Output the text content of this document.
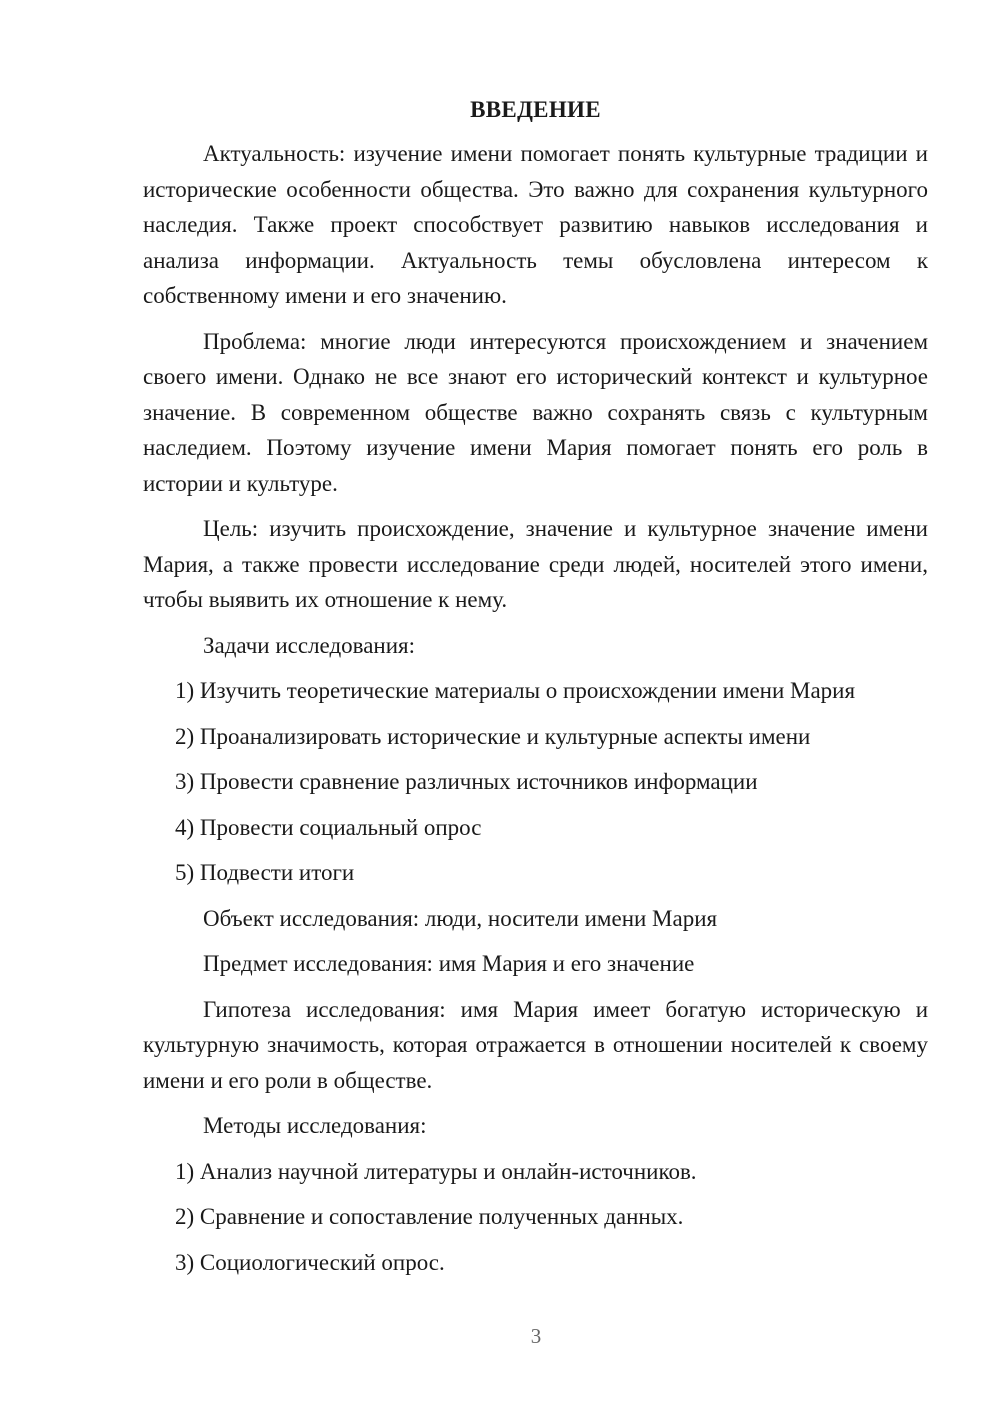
ВВЕДЕНИЕ

Актуальность: изучение имени помогает понять культурные традиции и исторические особенности общества. Это важно для сохранения культурного наследия. Также проект способствует развитию навыков исследования и анализа информации. Актуальность темы обусловлена интересом к собственному имени и его значению.

Проблема: многие люди интересуются происхождением и значением своего имени. Однако не все знают его исторический контекст и культурное значение. В современном обществе важно сохранять связь с культурным наследием. Поэтому изучение имени Мария помогает понять его роль в истории и культуре.

Цель: изучить происхождение, значение и культурное значение имени Мария, а также провести исследование среди людей, носителей этого имени, чтобы выявить их отношение к нему.

Задачи исследования:

1) Изучить теоретические материалы о происхождении имени Мария

2) Проанализировать исторические и культурные аспекты имени

3) Провести сравнение различных источников информации

4) Провести социальный опрос

5) Подвести итоги

Объект исследования: люди, носители имени Мария

Предмет исследования: имя Мария и его значение

Гипотеза исследования: имя Мария имеет богатую историческую и культурную значимость, которая отражается в отношении носителей к своему имени и его роли в обществе.

Методы исследования:

1) Анализ научной литературы и онлайн-источников.

2) Сравнение и сопоставление полученных данных.

3) Социологический опрос.

3
